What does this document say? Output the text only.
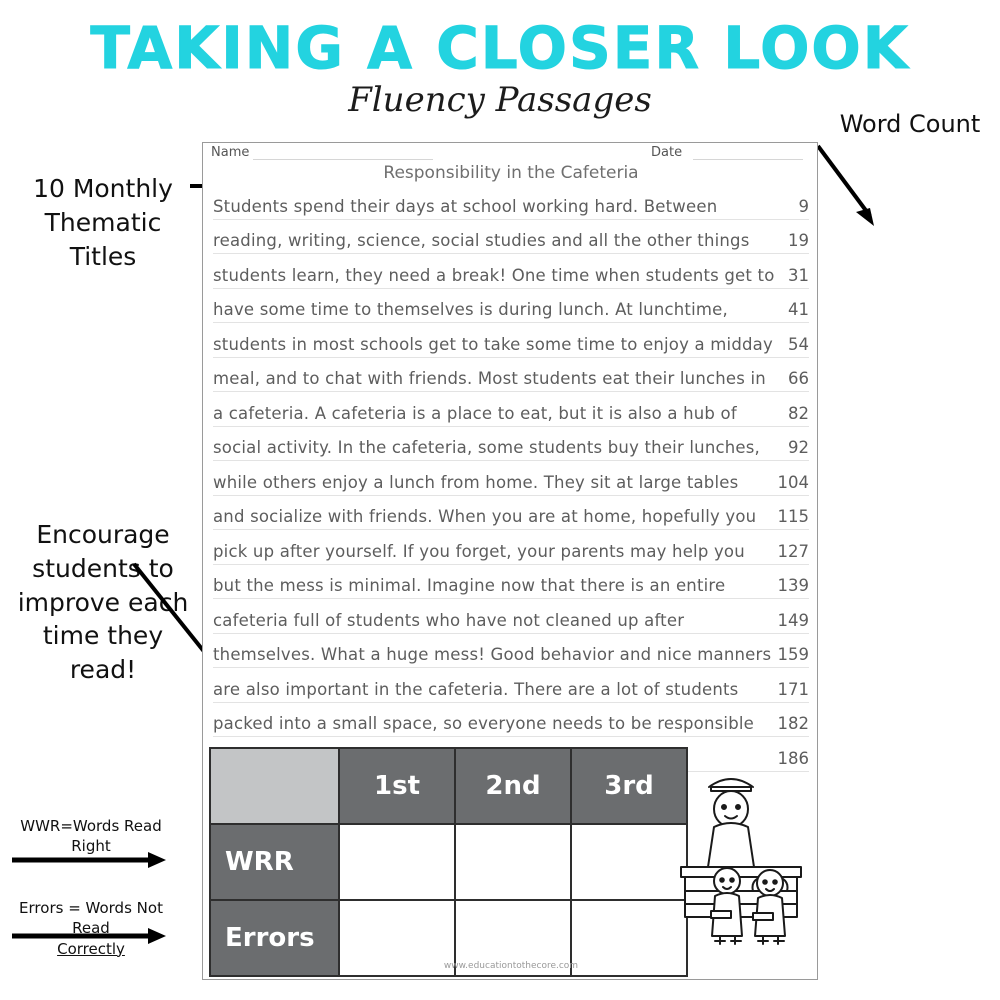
TAKING A CLOSER LOOK
Fluency Passages
Word Count
10 Monthly Thematic Titles
Encourage students to improve each time they read!
WWR=Words Read Right
Errors = Words Not Read
Correctly
Name	Date
Responsibility in the Cafeteria
Students spend their days at school working hard. Between	9
reading, writing, science, social studies and all the other things	19
students learn, they need a break! One time when students get to 31
have some time to themselves is during lunch. At lunchtime,	41
students in most schools get to take some time to enjoy a midday 54
meal, and to chat with friends. Most students eat their lunches in	66
a cafeteria. A cafeteria is a place to eat, but it is also a hub of	82
social activity. In the cafeteria, some students buy their lunches,	92
while others enjoy a lunch from home. They sit at large tables	104
and socialize with friends. When you are at home, hopefully you	115
pick up after yourself. If you forget, your parents may help you	127
but the mess is minimal. Imagine now that there is an entire	139
cafeteria full of students who have not cleaned up after	149
themselves. What a huge mess! Good behavior and nice manners 159
are also important in the cafeteria. There are a lot of students	171
packed into a small space, so everyone needs to be responsible	182
186
	1st	2nd	3rd
WRR			
Errors			
www.educationtothecore.com
